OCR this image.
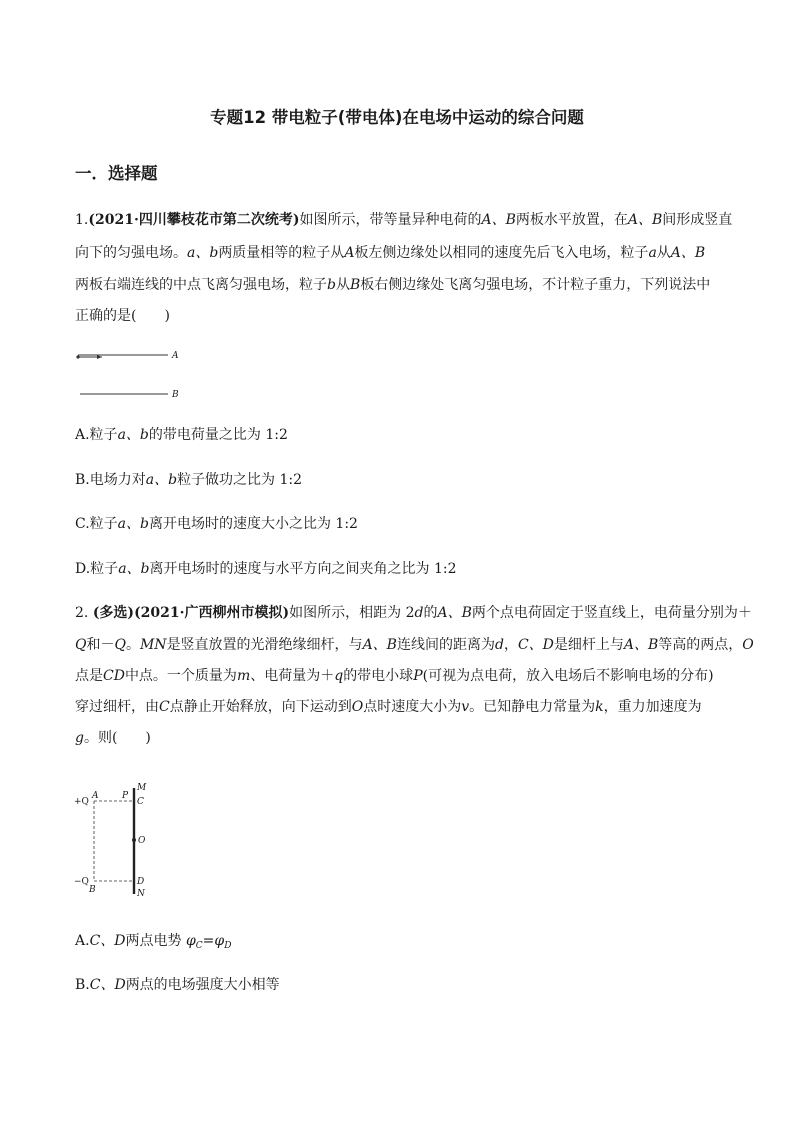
专题12 带电粒子(带电体)在电场中运动的综合问题
一．选择题
1.(2021·四川攀枝花市第二次统考)如图所示，带等量异种电荷的A、B两板水平放置，在A、B间形成竖直
向下的匀强电场。a、b两质量相等的粒子从A板左侧边缘处以相同的速度先后飞入电场，粒子a从A、B
两板右端连线的中点飞离匀强电场，粒子b从B板右侧边缘处飞离匀强电场，不计粒子重力，下列说法中
正确的是(　　)
A
B
A.粒子a、b的带电荷量之比为 1:2
B.电场力对a、b粒子做功之比为 1:2
C.粒子a、b离开电场时的速度大小之比为 1:2
D.粒子a、b离开电场时的速度与水平方向之间夹角之比为 1:2
2. (多选)(2021·广西柳州市模拟)如图所示，相距为 2d的A、B两个点电荷固定于竖直线上，电荷量分别为＋
Q和－Q。MN是竖直放置的光滑绝缘细杆，与A、B连线间的距离为d，C、D是细杆上与A、B等高的两点，O
点是CD中点。一个质量为m、电荷量为＋q的带电小球P(可视为点电荷，放入电场后不影响电场的分布)
穿过细杆，由C点静止开始释放，向下运动到O点时速度大小为v。已知静电力常量为k，重力加速度为
g。则(　　)
+Q
A	P
M
C
O
−Q
B
D
N
A.C、D两点电势 $\varphi_C=\varphi_D$
B.C、D两点的电场强度大小相等
